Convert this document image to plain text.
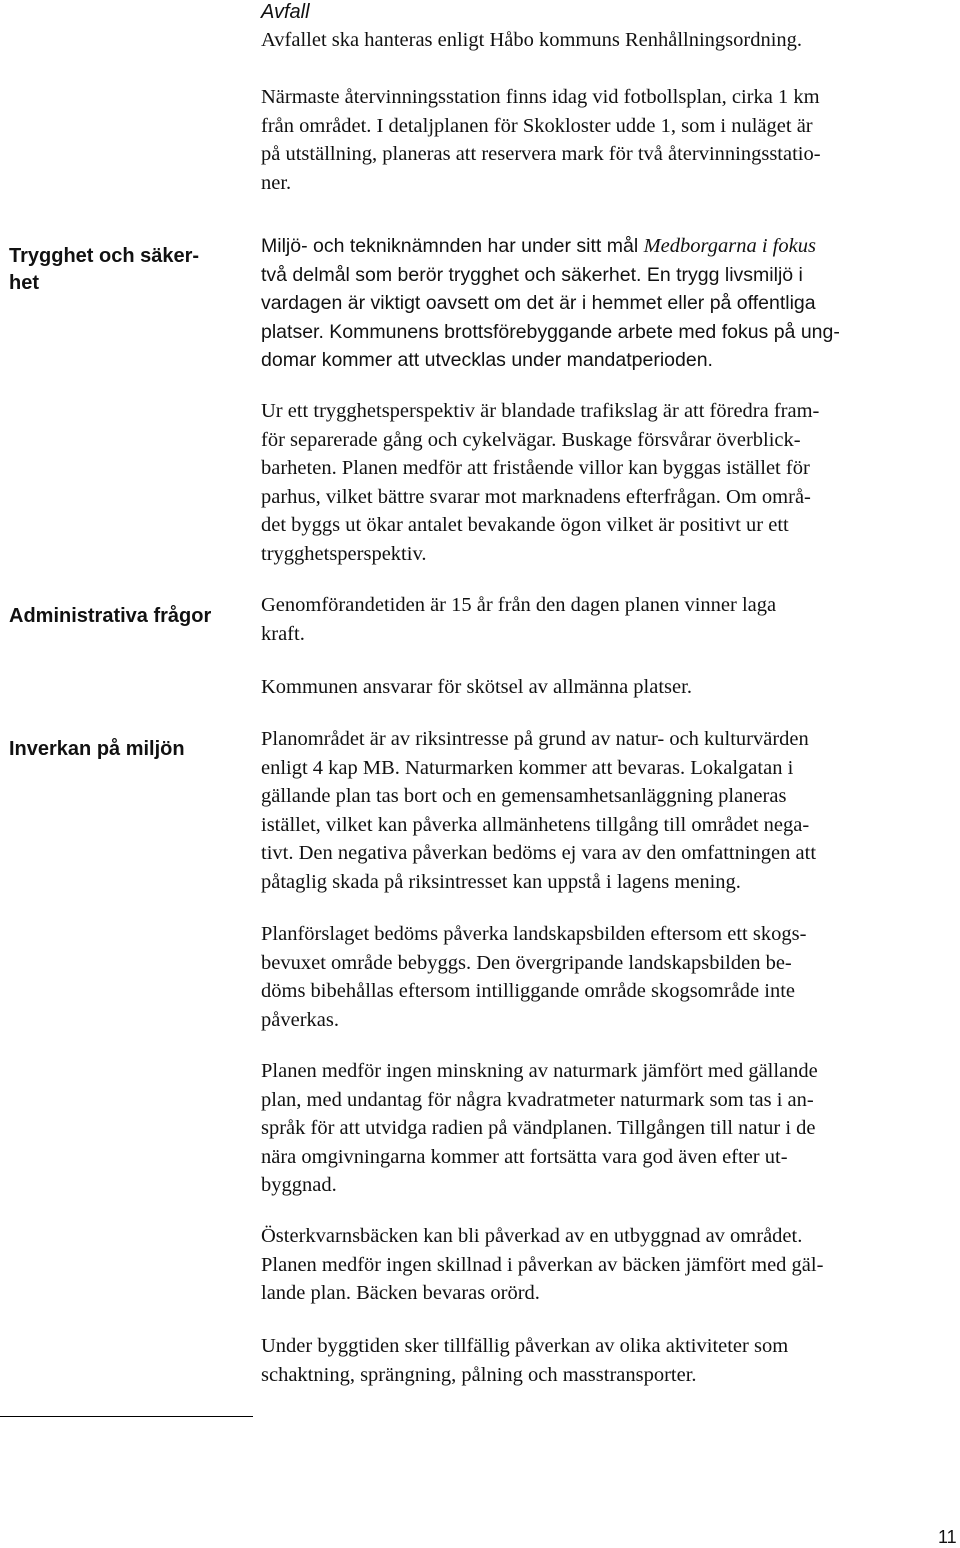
Avfall

Avfallet ska hanteras enligt Håbo kommuns Renhållningsordning.

Närmaste återvinningsstation finns idag vid fotbollsplan, cirka 1 km
från området. I detaljplanen för Skokloster udde 1, som i nuläget är
på utställning, planeras att reservera mark för två återvinningsstatio-
ner.

Trygghet och säker-
het

Miljö- och tekniknämnden har under sitt mål Medborgarna i fokus
två delmål som berör trygghet och säkerhet. En trygg livsmiljö i
vardagen är viktigt oavsett om det är i hemmet eller på offentliga
platser. Kommunens brottsförebyggande arbete med fokus på ung-
domar kommer att utvecklas under mandatperioden.

Ur ett trygghetsperspektiv är blandade trafikslag är att föredra fram-
för separerade gång och cykelvägar. Buskage försvårar överblick-
barheten. Planen medför att fristående villor kan byggas istället för
parhus, vilket bättre svarar mot marknadens efterfrågan. Om områ-
det byggs ut ökar antalet bevakande ögon vilket är positivt ur ett
trygghetsperspektiv.

Administrativa frågor Genomförandetiden är 15 år från den dagen planen vinner laga
kraft.

Kommunen ansvarar för skötsel av allmänna platser.

Inverkan på miljön	Planområdet är av riksintresse på grund av natur- och kulturvärden
enligt 4 kap MB. Naturmarken kommer att bevaras. Lokalgatan i
gällande plan tas bort och en gemensamhetsanläggning planeras
istället, vilket kan påverka allmänhetens tillgång till området nega-
tivt. Den negativa påverkan bedöms ej vara av den omfattningen att
påtaglig skada på riksintresset kan uppstå i lagens mening.

Planförslaget bedöms påverka landskapsbilden eftersom ett skogs-
bevuxet område bebyggs. Den övergripande landskapsbilden be-
döms bibehållas eftersom intilliggande område skogsområde inte
påverkas.

Planen medför ingen minskning av naturmark jämfört med gällande
plan, med undantag för några kvadratmeter naturmark som tas i an-
språk för att utvidga radien på vändplanen. Tillgången till natur i de
nära omgivningarna kommer att fortsätta vara god även efter ut-
byggnad.

Österkvarnsbäcken kan bli påverkad av en utbyggnad av området.
Planen medför ingen skillnad i påverkan av bäcken jämfört med gäl-
lande plan. Bäcken bevaras orörd.

Under byggtiden sker tillfällig påverkan av olika aktiviteter som
schaktning, sprängning, pålning och masstransporter.

11
